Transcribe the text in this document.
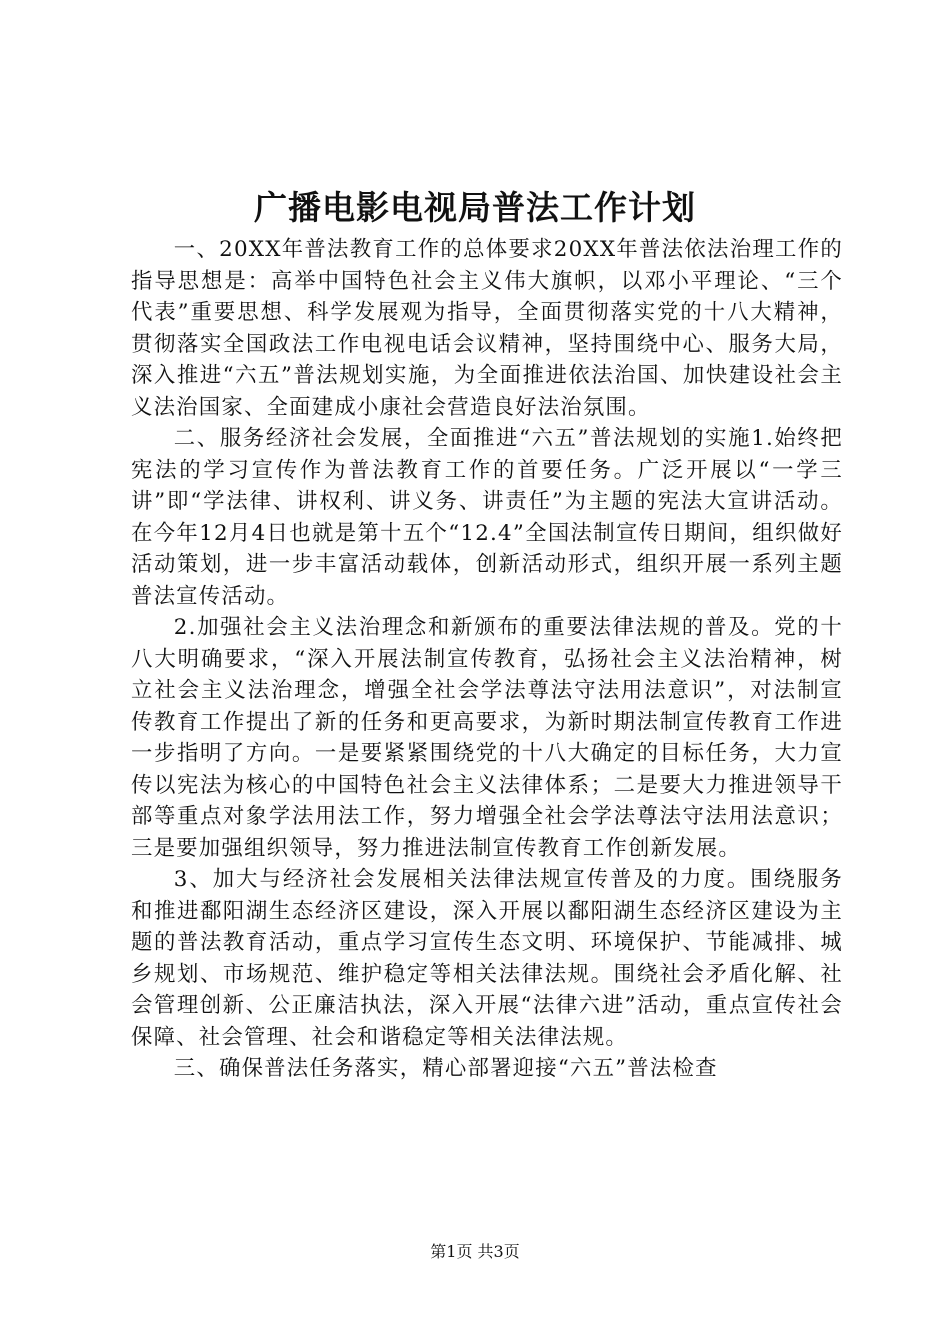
广播电影电视局普法工作计划

一、20XX年普法教育工作的总体要求20XX年普法依法治理工作的指导思想是：高举中国特色社会主义伟大旗帜，以邓小平理论、“三个代表”重要思想、科学发展观为指导，全面贯彻落实党的十八大精神，贯彻落实全国政法工作电视电话会议精神，坚持围绕中心、服务大局，深入推进“六五”普法规划实施，为全面推进依法治国、加快建设社会主义法治国家、全面建成小康社会营造良好法治氛围。

二、服务经济社会发展，全面推进“六五”普法规划的实施1.始终把宪法的学习宣传作为普法教育工作的首要任务。广泛开展以“一学三讲”即“学法律、讲权利、讲义务、讲责任”为主题的宪法大宣讲活动。在今年12月4日也就是第十五个“12.4”全国法制宣传日期间，组织做好活动策划，进一步丰富活动载体，创新活动形式，组织开展一系列主题普法宣传活动。

2.加强社会主义法治理念和新颁布的重要法律法规的普及。党的十八大明确要求，“深入开展法制宣传教育，弘扬社会主义法治精神，树立社会主义法治理念，增强全社会学法尊法守法用法意识”，对法制宣传教育工作提出了新的任务和更高要求，为新时期法制宣传教育工作进一步指明了方向。一是要紧紧围绕党的十八大确定的目标任务，大力宣传以宪法为核心的中国特色社会主义法律体系；二是要大力推进领导干部等重点对象学法用法工作，努力增强全社会学法尊法守法用法意识；三是要加强组织领导，努力推进法制宣传教育工作创新发展。

3、加大与经济社会发展相关法律法规宣传普及的力度。围绕服务和推进鄱阳湖生态经济区建设，深入开展以鄱阳湖生态经济区建设为主题的普法教育活动，重点学习宣传生态文明、环境保护、节能减排、城乡规划、市场规范、维护稳定等相关法律法规。围绕社会矛盾化解、社会管理创新、公正廉洁执法，深入开展“法律六进”活动，重点宣传社会保障、社会管理、社会和谐稳定等相关法律法规。

三、确保普法任务落实，精心部署迎接“六五”普法检查

第1页 共3页
